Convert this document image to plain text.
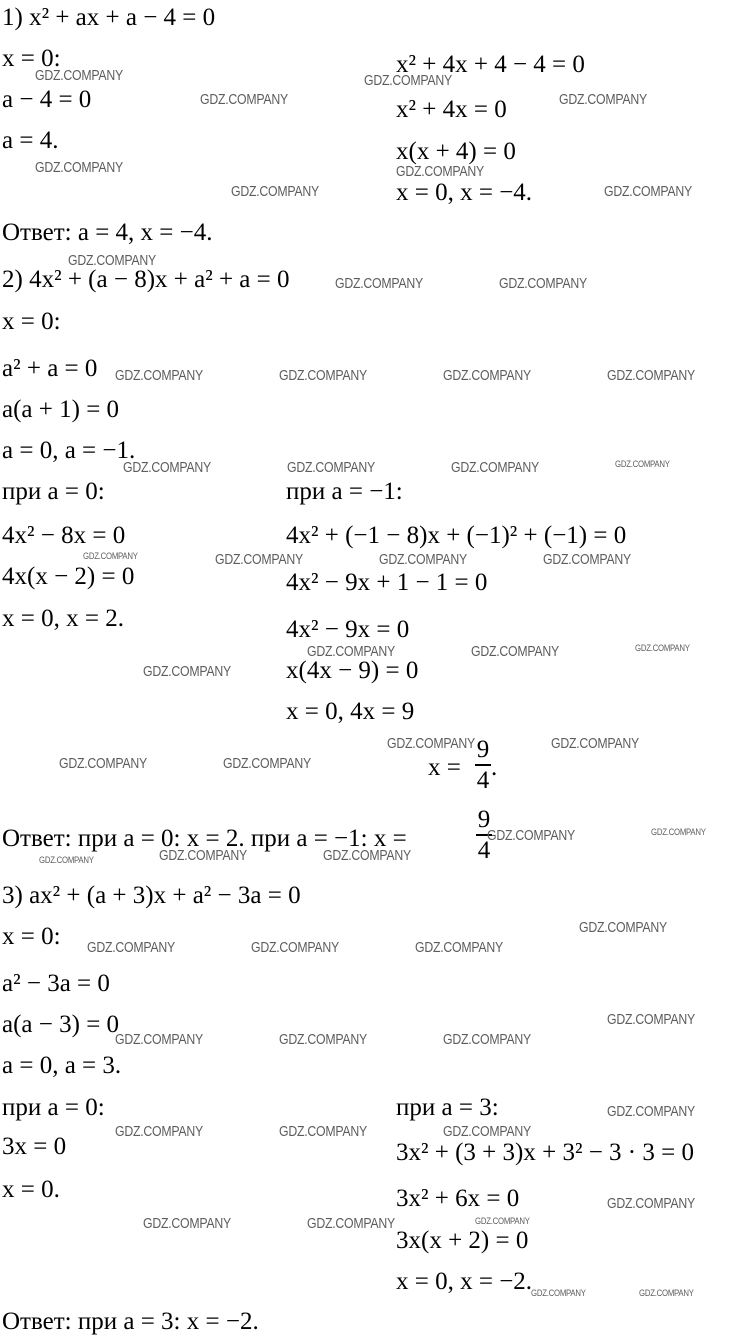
1) x² + ax + a − 4 = 0
x = 0:
a − 4 = 0
a = 4.
x² + 4x + 4 − 4 = 0
x² + 4x = 0
x(x + 4) = 0
x = 0, x = −4.
Ответ: a = 4, x = −4.
2) 4x² + (a − 8)x + a² + a = 0
x = 0:
a² + a = 0
a(a + 1) = 0
a = 0, a = −1.
при a = 0:
4x² − 8x = 0
4x(x − 2) = 0
x = 0, x = 2.
при a = −1:
4x² + (−1 − 8)x + (−1)² + (−1) = 0
4x² − 9x + 1 − 1 = 0
4x² − 9x = 0
x(4x − 9) = 0
x = 0, 4x = 9
x =
9
4 .
Ответ: при a = 0: x = 2. при a = −1: x =
9
4
3) ax² + (a + 3)x + a² − 3a = 0
x = 0:
a² − 3a = 0
a(a − 3) = 0
a = 0, a = 3.
при a = 0:
3x = 0
x = 0.
при a = 3:
3x² + (3 + 3)x + 3² − 3 · 3 = 0
3x² + 6x = 0
3x(x + 2) = 0
x = 0, x = −2.
Ответ: при a = 3: x = −2.
GDZ.COMPANY	GDZ.COMPANY
GDZ.COMPANY	GDZ.COMPANY
GDZ.COMPANY	GDZ.COMPANY
GDZ.COMPANY	GDZ.COMPANY
GDZ.COMPANY
GDZ.COMPANY	GDZ.COMPANY
GDZ.COMPANY	GDZ.COMPANY	GDZ.COMPANY	GDZ.COMPANY
GDZ.COMPANY	GDZ.COMPANY	GDZ.COMPANY	GDZ.COMPANY
GDZ.COMPANY	GDZ.COMPANY	GDZ.COMPANY	GDZ.COMPANY
GDZ.COMPANY	GDZ.COMPANY	GDZ.COMPANY
GDZ.COMPANY
GDZ.COMPANY	GDZ.COMPANY
GDZ.COMPANY	GDZ.COMPANY
GDZ.COMPANY	GDZ.COMPANY
GDZ.COMPANY	GDZ.COMPANY
GDZ.COMPANY
GDZ.COMPANY
GDZ.COMPANY	GDZ.COMPANY	GDZ.COMPANY
GDZ.COMPANY
GDZ.COMPANY	GDZ.COMPANY	GDZ.COMPANY
GDZ.COMPANY
GDZ.COMPANY	GDZ.COMPANY	GDZ.COMPANY
GDZ.COMPANY
GDZ.COMPANY	GDZ.COMPANY	GDZ.COMPANY
GDZ.COMPANY	GDZ.COMPANY
